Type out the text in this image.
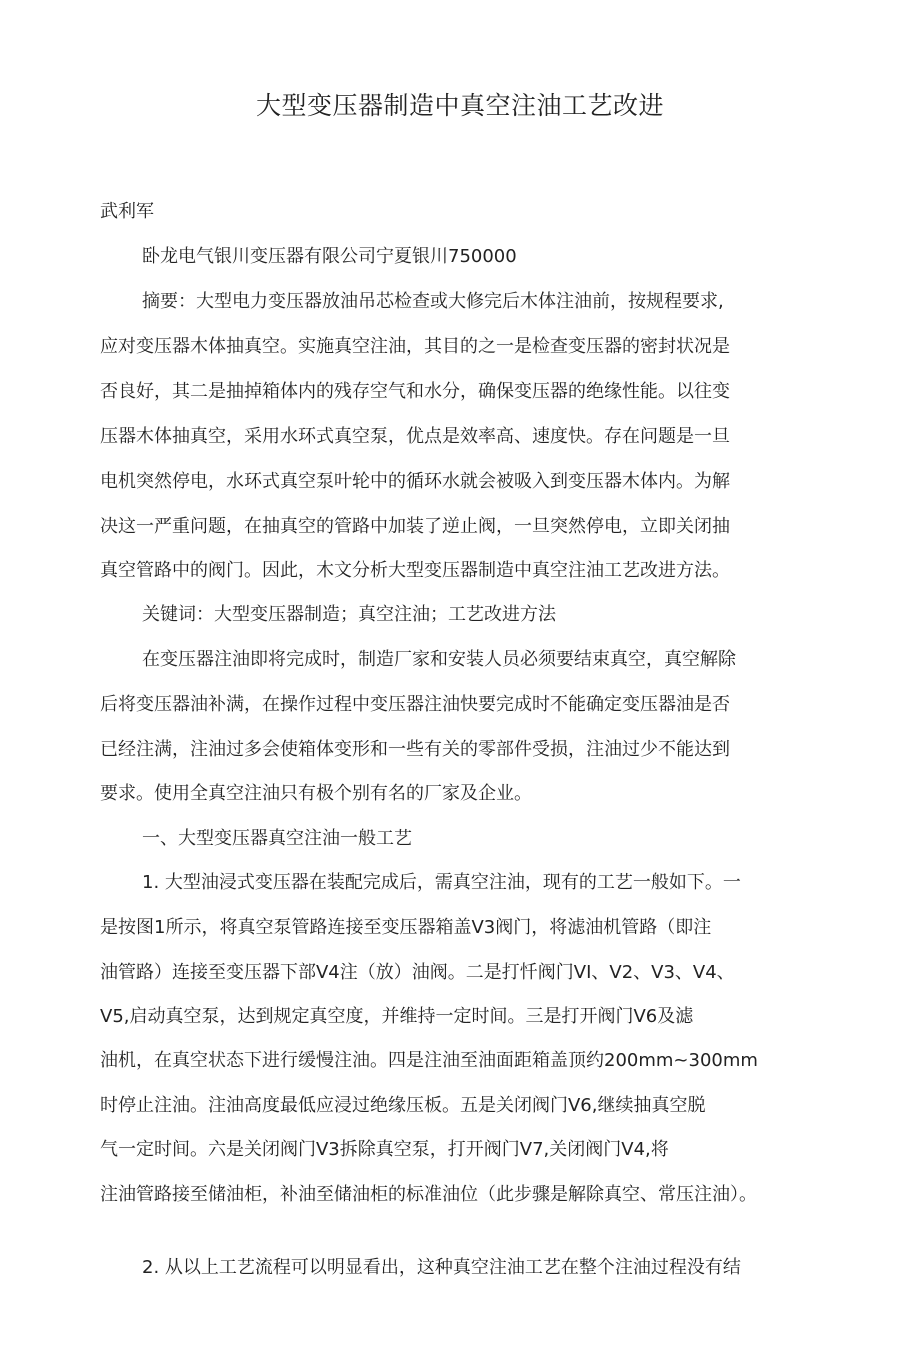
大型变压器制造中真空注油工艺改进
武利军
卧龙电气银川变压器有限公司宁夏银川750000
摘要：大型电力变压器放油吊芯检查或大修完后木体注油前，按规程要求,
应对变压器木体抽真空。实施真空注油，其目的之一是检查变压器的密封状况是
否良好，其二是抽掉箱体内的残存空气和水分，确保变压器的绝缘性能。以往变
压器木体抽真空，采用水环式真空泵，优点是效率高、速度快。存在问题是一旦
电机突然停电，水环式真空泵叶轮中的循环水就会被吸入到变压器木体内。为解
决这一严重问题，在抽真空的管路中加装了逆止阀，一旦突然停电，立即关闭抽
真空管路中的阀门。因此，木文分析大型变压器制造中真空注油工艺改进方法。
关键词：大型变压器制造；真空注油；工艺改进方法
在变压器注油即将完成时，制造厂家和安装人员必须要结束真空，真空解除
后将变压器油补满，在操作过程中变压器注油快要完成时不能确定变压器油是否
已经注满，注油过多会使箱体变形和一些有关的零部件受损，注油过少不能达到
要求。使用全真空注油只有极个别有名的厂家及企业。
一、大型变压器真空注油一般工艺
1. 大型油浸式变压器在装配完成后，需真空注油，现有的工艺一般如下。一
是按图1所示，将真空泵管路连接至变压器箱盖V3阀门，将滤油机管路（即注
油管路）连接至变压器下部V4注（放）油阀。二是打忏阀门VI、V2、V3、V4、
V5,启动真空泵，达到规定真空度，并维持一定时间。三是打开阀门V6及滤
油机，在真空状态下进行缓慢注油。四是注油至油面距箱盖顶约200mm~300mm
时停止注油。注油高度最低应浸过绝缘压板。五是关闭阀门V6,继续抽真空脱
气一定时间。六是关闭阀门V3拆除真空泵，打开阀门V7,关闭阀门V4,将
注油管路接至储油柜，补油至储油柜的标准油位（此步骤是解除真空、常压注油）。
2. 从以上工艺流程可以明显看出，这种真空注油工艺在整个注油过程没有结
